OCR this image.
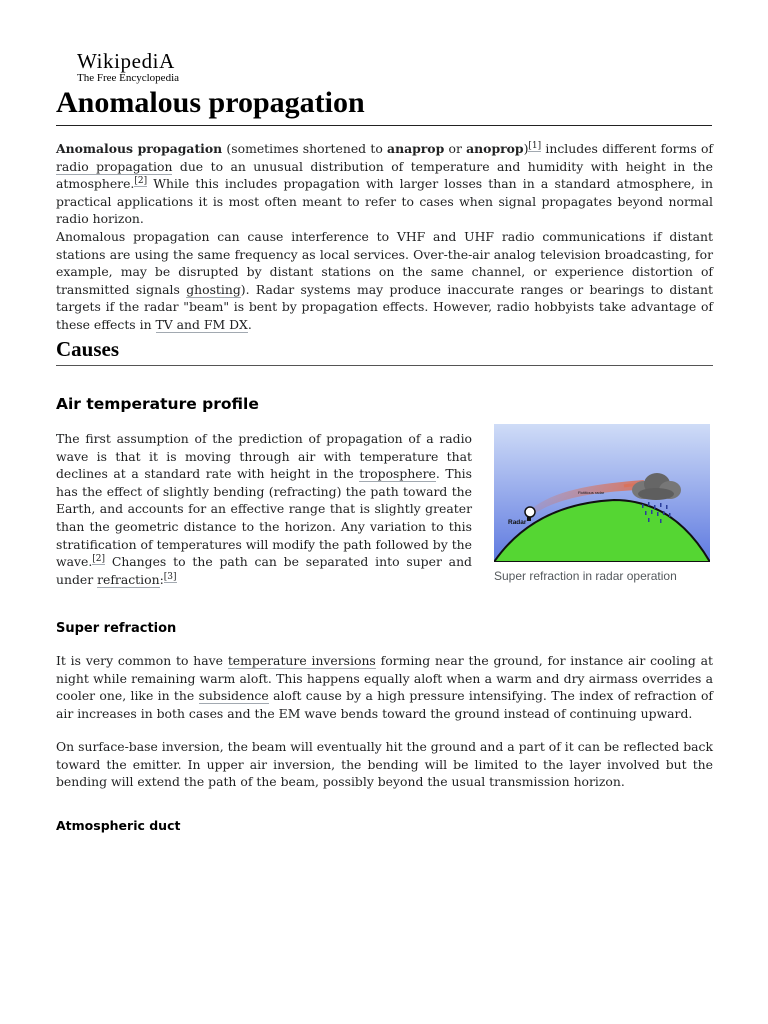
WikipediA
The Free Encyclopedia
Anomalous propagation

Anomalous propagation (sometimes shortened to anaprop or anoprop)[1] includes different forms of radio propagation due to an unusual distribution of temperature and humidity with height in the atmosphere.[2] While this includes propagation with larger losses than in a standard atmosphere, in practical applications it is most often meant to refer to cases when signal propagates beyond normal radio horizon.

Anomalous propagation can cause interference to VHF and UHF radio communications if distant stations are using the same frequency as local services. Over-the-air analog television broadcasting, for example, may be disrupted by distant stations on the same channel, or experience distortion of transmitted signals ghosting). Radar systems may produce inaccurate ranges or bearings to distant targets if the radar "beam" is bent by propagation effects. However, radio hobbyists take advantage of these effects in TV and FM DX.

Causes
Air temperature profile

The first assumption of the prediction of propagation of a radio wave is that it is moving through air with temperature that declines at a standard rate with height in the troposphere. This has the effect of slightly bending (refracting) the path toward the Earth, and accounts for an effective range that is slightly greater than the geometric distance to the horizon. Any variation to this stratification of temperatures will modify the path followed by the wave.[2] Changes to the path can be separated into super and under refraction:[3]

Radar
Fictitious radar
Super refraction in radar operation
Super refraction

It is very common to have temperature inversions forming near the ground, for instance air cooling at night while remaining warm aloft. This happens equally aloft when a warm and dry airmass overrides a cooler one, like in the subsidence aloft cause by a high pressure intensifying. The index of refraction of air increases in both cases and the EM wave bends toward the ground instead of continuing upward.

On surface-base inversion, the beam will eventually hit the ground and a part of it can be reflected back toward the emitter. In upper air inversion, the bending will be limited to the layer involved but the bending will extend the path of the beam, possibly beyond the usual transmission horizon.

Atmospheric duct
